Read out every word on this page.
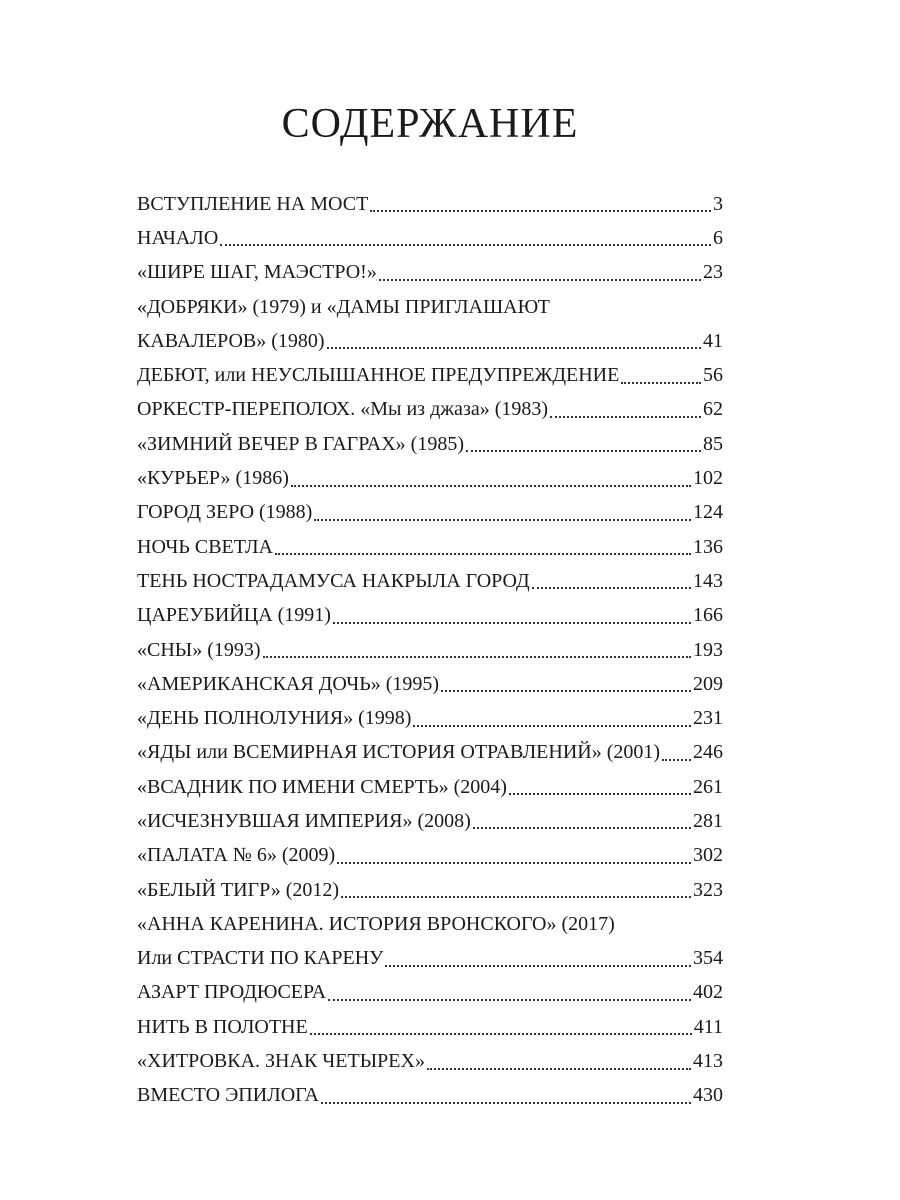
СОДЕРЖАНИЕ
ВСТУПЛЕНИЕ НА МОСТ	3
НАЧАЛО	6
«ШИРЕ ШАГ, МАЭСТРО!»	23
«ДОБРЯКИ» (1979) и «ДАМЫ ПРИГЛАШАЮТ
КАВАЛЕРОВ» (1980)	41
ДЕБЮТ, или НЕУСЛЫШАННОЕ ПРЕДУПРЕЖДЕНИЕ	56
ОРКЕСТР-ПЕРЕПОЛОХ. «Мы из джаза» (1983)	62
«ЗИМНИЙ ВЕЧЕР В ГАГРАХ» (1985)	85
«КУРЬЕР» (1986)	102
ГОРОД ЗЕРО (1988)	124
НОЧЬ СВЕТЛА	136
ТЕНЬ НОСТРАДАМУСА НАКРЫЛА ГОРОД	143
ЦАРЕУБИЙЦА (1991)	166
«СНЫ» (1993)	193
«АМЕРИКАНСКАЯ ДОЧЬ» (1995)	209
«ДЕНЬ ПОЛНОЛУНИЯ» (1998)	231
«ЯДЫ или ВСЕМИРНАЯ ИСТОРИЯ ОТРАВЛЕНИЙ» (2001) 246
«ВСАДНИК ПО ИМЕНИ СМЕРТЬ» (2004)	261
«ИСЧЕЗНУВШАЯ ИМПЕРИЯ» (2008)	281
«ПАЛАТА № 6» (2009)	302
«БЕЛЫЙ ТИГР» (2012)	323
«АННА КАРЕНИНА. ИСТОРИЯ ВРОНСКОГО» (2017)
Или СТРАСТИ ПО КАРЕНУ	354
АЗАРТ ПРОДЮСЕРА	402
НИТЬ В ПОЛОТНЕ	411
«ХИТРОВКА. ЗНАК ЧЕТЫРЕХ»	413
ВМЕСТО ЭПИЛОГА	430
